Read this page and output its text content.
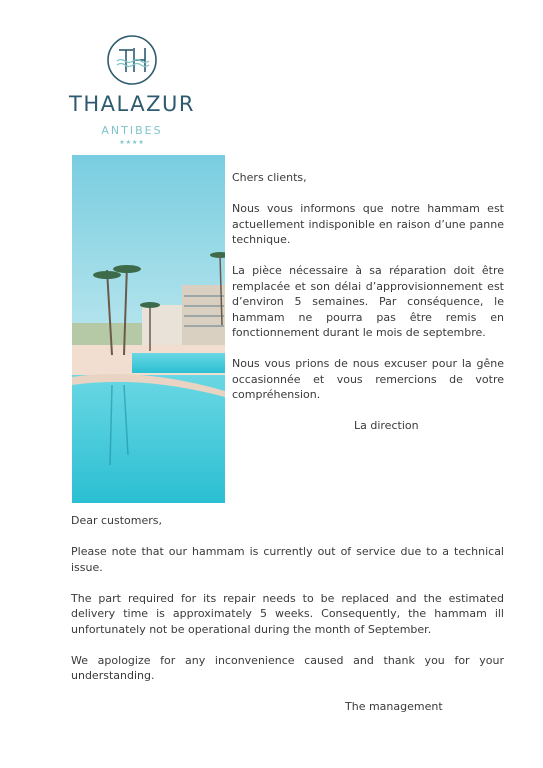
THALAZUR
ANTIBES
★★★★

Chers clients,

Nous vous informons que notre hammam est actuellement indisponible en raison d’une panne technique.

La pièce nécessaire à sa réparation doit être remplacée et son délai d’approvisionnement est d’environ 5 semaines. Par conséquence, le hammam ne pourra pas être remis en fonctionnement durant le mois de septembre.

Nous vous prions de nous excuser pour la gêne occasionnée et vous remercions de votre compréhension.

La direction

Dear customers,

Please note that our hammam is currently out of service due to a technical issue.

The part required for its repair needs to be replaced and the estimated delivery time is approximately 5 weeks. Consequently, the hammam ill unfortunately not be operational during the month of September.

We apologize for any inconvenience caused and thank you for your understanding.

The management
